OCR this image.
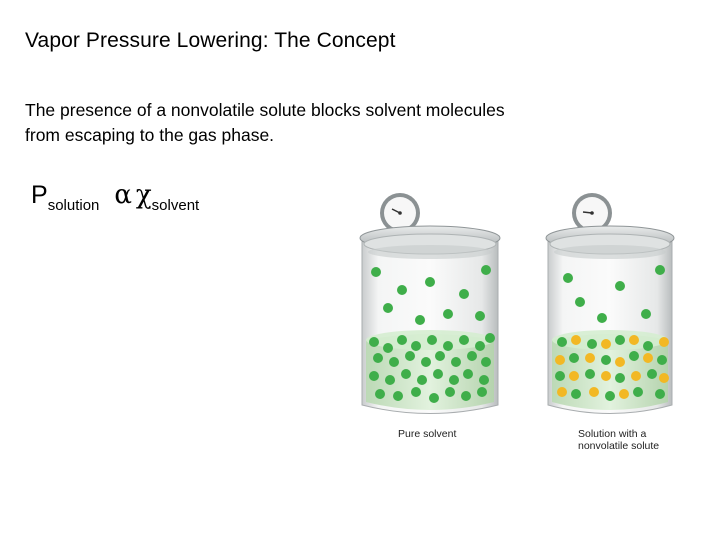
Vapor Pressure Lowering: The Concept
The presence of a nonvolatile solute blocks solvent molecules from escaping to the gas phase.
$P_{solution}$ α $\chi_{solvent}$
Pure solvent	Solution with a
nonvolatile solute
